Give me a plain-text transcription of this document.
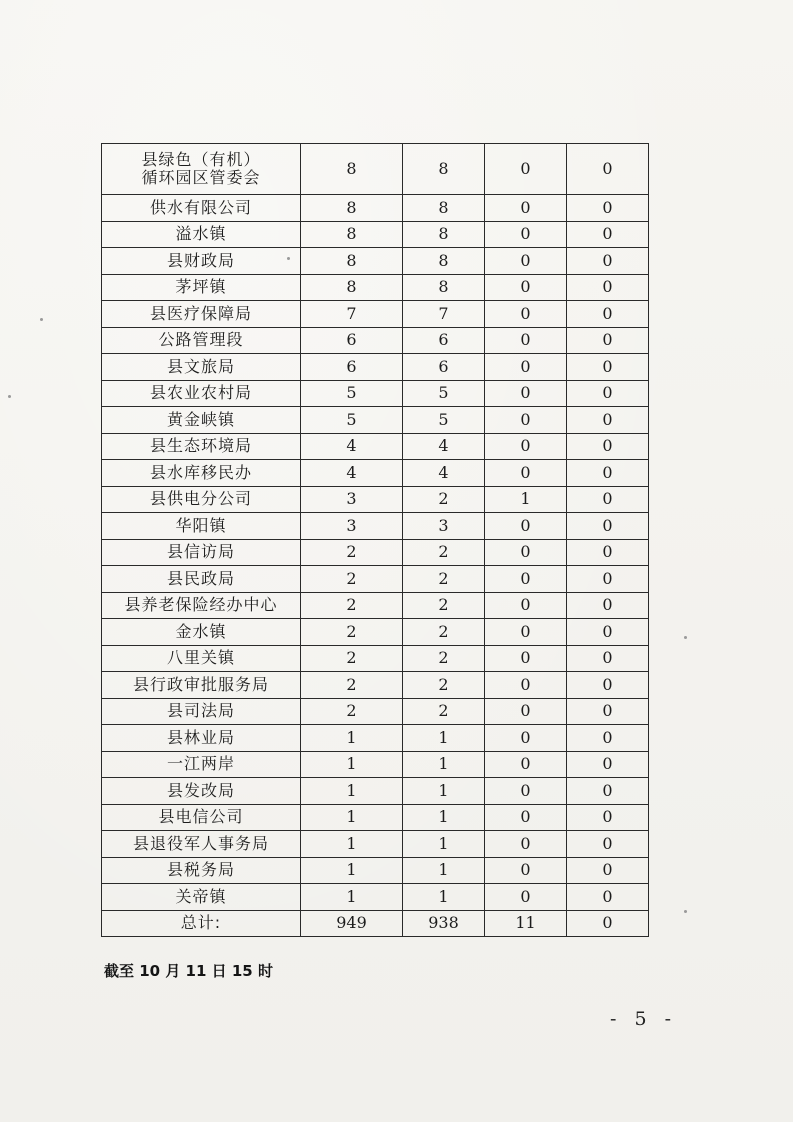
县绿色（有机）
循环园区管委会	8	8	0	0
供水有限公司	8	8	0	0
溢水镇	8	8	0	0
县财政局	8	8	0	0
茅坪镇	8	8	0	0
县医疗保障局	7	7	0	0
公路管理段	6	6	0	0
县文旅局	6	6	0	0
县农业农村局	5	5	0	0
黄金峡镇	5	5	0	0
县生态环境局	4	4	0	0
县水库移民办	4	4	0	0
县供电分公司	3	2	1	0
华阳镇	3	3	0	0
县信访局	2	2	0	0
县民政局	2	2	0	0
县养老保险经办中心	2	2	0	0
金水镇	2	2	0	0
八里关镇	2	2	0	0
县行政审批服务局	2	2	0	0
县司法局	2	2	0	0
县林业局	1	1	0	0
一江两岸	1	1	0	0
县发改局	1	1	0	0
县电信公司	1	1	0	0
县退役军人事务局	1	1	0	0
县税务局	1	1	0	0
关帝镇	1	1	0	0
总计:	949	938	11	0
截至 10 月 11 日 15 时
- 5 -
